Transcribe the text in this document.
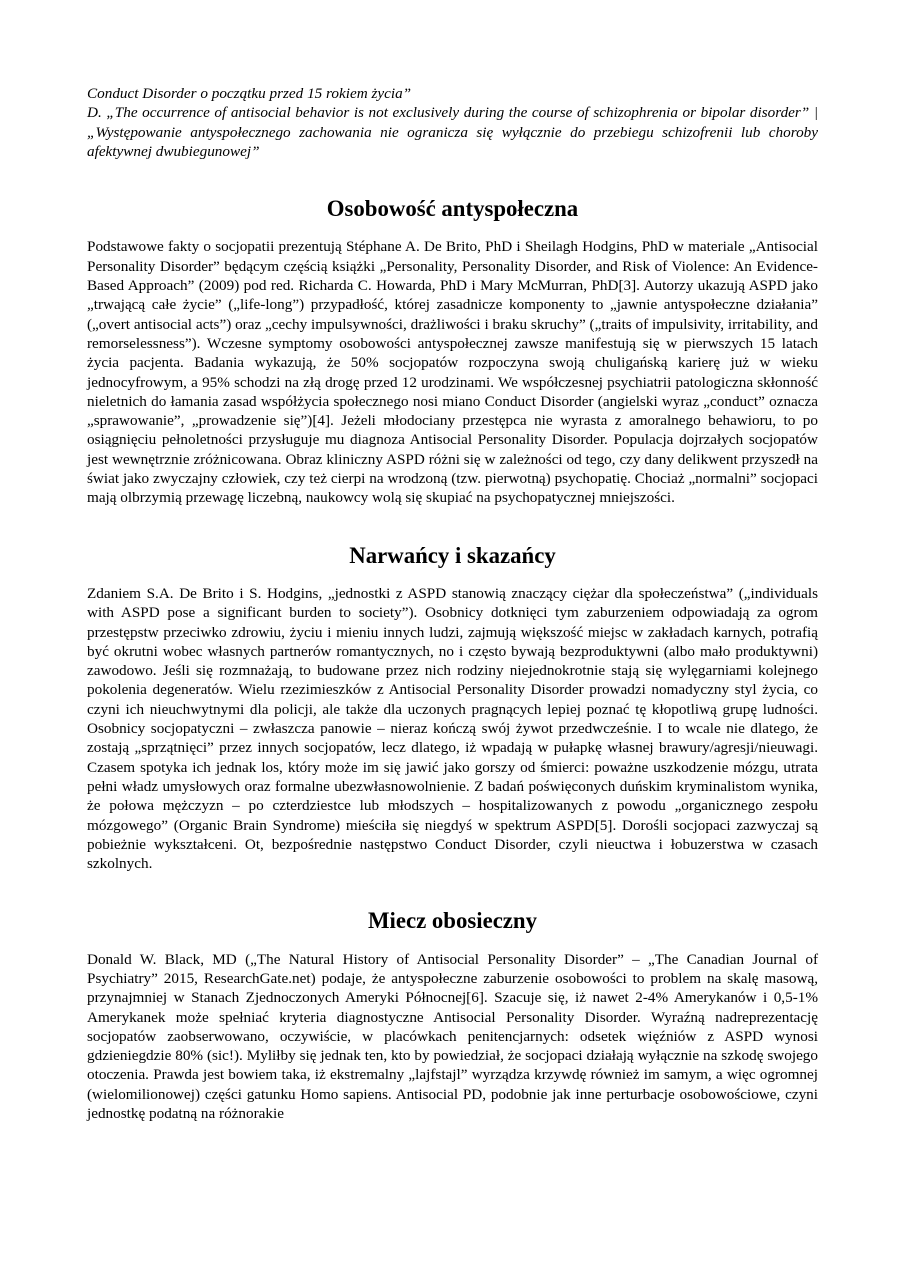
Conduct Disorder o początku przed 15 rokiem życia”

D. „The occurrence of antisocial behavior is not exclusively during the course of schizophrenia or bipolar disorder” | „Występowanie antyspołecznego zachowania nie ogranicza się wyłącznie do przebiegu schizofrenii lub choroby afektywnej dwubiegunowej”

Osobowość antyspołeczna

Podstawowe fakty o socjopatii prezentują Stéphane A. De Brito, PhD i Sheilagh Hodgins, PhD w materiale „Antisocial Personality Disorder” będącym częścią książki „Personality, Personality Disorder, and Risk of Violence: An Evidence-Based Approach” (2009) pod red. Richarda C. Howarda, PhD i Mary McMurran, PhD[3]. Autorzy ukazują ASPD jako „trwającą całe życie” („life-long”) przypadłość, której zasadnicze komponenty to „jawnie antyspołeczne działania” („overt antisocial acts”) oraz „cechy impulsywności, drażliwości i braku skruchy” („traits of impulsivity, irritability, and remorselessness”). Wczesne symptomy osobowości antyspołecznej zawsze manifestują się w pierwszych 15 latach życia pacjenta. Badania wykazują, że 50% socjopatów rozpoczyna swoją chuligańską karierę już w wieku jednocyfrowym, a 95% schodzi na złą drogę przed 12 urodzinami. We współczesnej psychiatrii patologiczna skłonność nieletnich do łamania zasad współżycia społecznego nosi miano Conduct Disorder (angielski wyraz „conduct” oznacza „sprawowanie”, „prowadzenie się”)[4]. Jeżeli młodociany przestępca nie wyrasta z amoralnego behawioru, to po osiągnięciu pełnoletności przysługuje mu diagnoza Antisocial Personality Disorder. Populacja dojrzałych socjopatów jest wewnętrznie zróżnicowana. Obraz kliniczny ASPD różni się w zależności od tego, czy dany delikwent przyszedł na świat jako zwyczajny człowiek, czy też cierpi na wrodzoną (tzw. pierwotną) psychopatię. Chociaż „normalni” socjopaci mają olbrzymią przewagę liczebną, naukowcy wolą się skupiać na psychopatycznej mniejszości.

Narwańcy i skazańcy

Zdaniem S.A. De Brito i S. Hodgins, „jednostki z ASPD stanowią znaczący ciężar dla społeczeństwa” („individuals with ASPD pose a significant burden to society”). Osobnicy dotknięci tym zaburzeniem odpowiadają za ogrom przestępstw przeciwko zdrowiu, życiu i mieniu innych ludzi, zajmują większość miejsc w zakładach karnych, potrafią być okrutni wobec własnych partnerów romantycznych, no i często bywają bezproduktywni (albo mało produktywni) zawodowo. Jeśli się rozmnażają, to budowane przez nich rodziny niejednokrotnie stają się wylęgarniami kolejnego pokolenia degeneratów. Wielu rzezimieszków z Antisocial Personality Disorder prowadzi nomadyczny styl życia, co czyni ich nieuchwytnymi dla policji, ale także dla uczonych pragnących lepiej poznać tę kłopotliwą grupę ludności. Osobnicy socjopatyczni – zwłaszcza panowie – nieraz kończą swój żywot przedwcześnie. I to wcale nie dlatego, że zostają „sprzątnięci” przez innych socjopatów, lecz dlatego, iż wpadają w pułapkę własnej brawury/agresji/nieuwagi. Czasem spotyka ich jednak los, który może im się jawić jako gorszy od śmierci: poważne uszkodzenie mózgu, utrata pełni władz umysłowych oraz formalne ubezwłasnowolnienie. Z badań poświęconych duńskim kryminalistom wynika, że połowa mężczyzn – po czterdziestce lub młodszych – hospitalizowanych z powodu „organicznego zespołu mózgowego” (Organic Brain Syndrome) mieściła się niegdyś w spektrum ASPD[5]. Dorośli socjopaci zazwyczaj są pobieżnie wykształceni. Ot, bezpośrednie następstwo Conduct Disorder, czyli nieuctwa i łobuzerstwa w czasach szkolnych.

Miecz obosieczny

Donald W. Black, MD („The Natural History of Antisocial Personality Disorder” – „The Canadian Journal of Psychiatry” 2015, ResearchGate.net) podaje, że antyspołeczne zaburzenie osobowości to problem na skalę masową, przynajmniej w Stanach Zjednoczonych Ameryki Północnej[6]. Szacuje się, iż nawet 2-4% Amerykanów i 0,5-1% Amerykanek może spełniać kryteria diagnostyczne Antisocial Personality Disorder. Wyraźną nadreprezentację socjopatów zaobserwowano, oczywiście, w placówkach penitencjarnych: odsetek więźniów z ASPD wynosi gdzieniegdzie 80% (sic!). Myliłby się jednak ten, kto by powiedział, że socjopaci działają wyłącznie na szkodę swojego otoczenia. Prawda jest bowiem taka, iż ekstremalny „lajfstajl” wyrządza krzywdę również im samym, a więc ogromnej (wielomilionowej) części gatunku Homo sapiens. Antisocial PD, podobnie jak inne perturbacje osobowościowe, czyni jednostkę podatną na różnorakie
